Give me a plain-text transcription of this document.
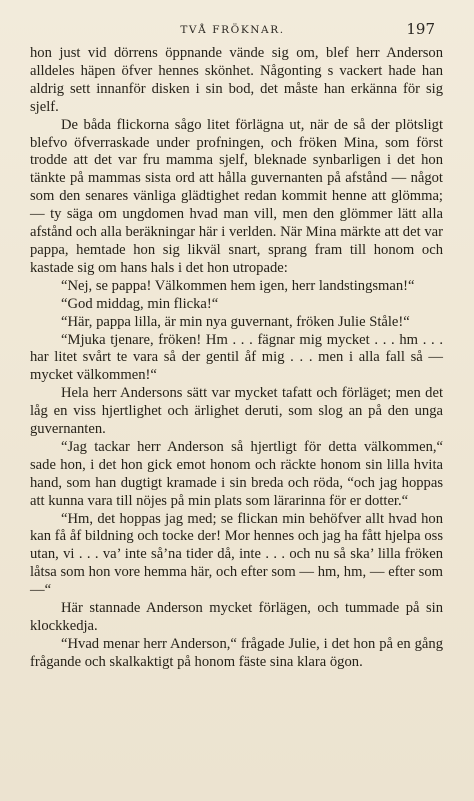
TVÅ FRÖKNAR.	197

hon just vid dörrens öppnande vände sig om, blef herr Anderson alldeles häpen öfver hennes skönhet. Någonting s vackert hade han aldrig sett innanför disken i sin bod, det måste han erkänna för sig sjelf.

De båda flickorna sågo litet förlägna ut, när de så der plötsligt blefvo öfverraskade under profningen, och fröken Mina, som först trodde att det var fru mamma sjelf, bleknade synbarligen i det hon tänkte på mammas sista ord att hålla guvernanten på afstånd — något som den senares vänliga glädtighet redan kommit henne att glömma; — ty säga om ungdomen hvad man vill, men den glömmer lätt alla afstånd och alla beräkningar här i verlden. När Mina märkte att det var pappa, hemtade hon sig likväl snart, sprang fram till honom och kastade sig om hans hals i det hon utropade:

“Nej, se pappa! Välkommen hem igen, herr landstingsman!“

“God middag, min flicka!“

“Här, pappa lilla, är min nya guvernant, fröken Julie Ståle!“

“Mjuka tjenare, fröken! Hm . . . fägnar mig mycket . . . hm . . . har litet svårt te vara så der gentil åf mig . . . men i alla fall så — mycket välkommen!“

Hela herr Andersons sätt var mycket tafatt och förläget; men det låg en viss hjertlighet och ärlighet deruti, som slog an på den unga guvernanten.

“Jag tackar herr Anderson så hjertligt för detta välkommen,“ sade hon, i det hon gick emot honom och räckte honom sin lilla hvita hand, som han dugtigt kramade i sin breda och röda, “och jag hoppas att kunna vara till nöjes på min plats som lärarinna för er dotter.“

“Hm, det hoppas jag med; se flickan min behöfver allt hvad hon kan få åf bildning och tocke der! Mor hennes och jag ha fått hjelpa oss utan, vi . . . va’ inte så’na tider då, inte . . . och nu så ska’ lilla fröken låtsa som hon vore hemma här, och efter som — hm, hm, — efter som —“

Här stannade Anderson mycket förlägen, och tummade på sin klockkedja.

“Hvad menar herr Anderson,“ frågade Julie, i det hon på en gång frågande och skalkaktigt på honom fäste sina klara ögon.
